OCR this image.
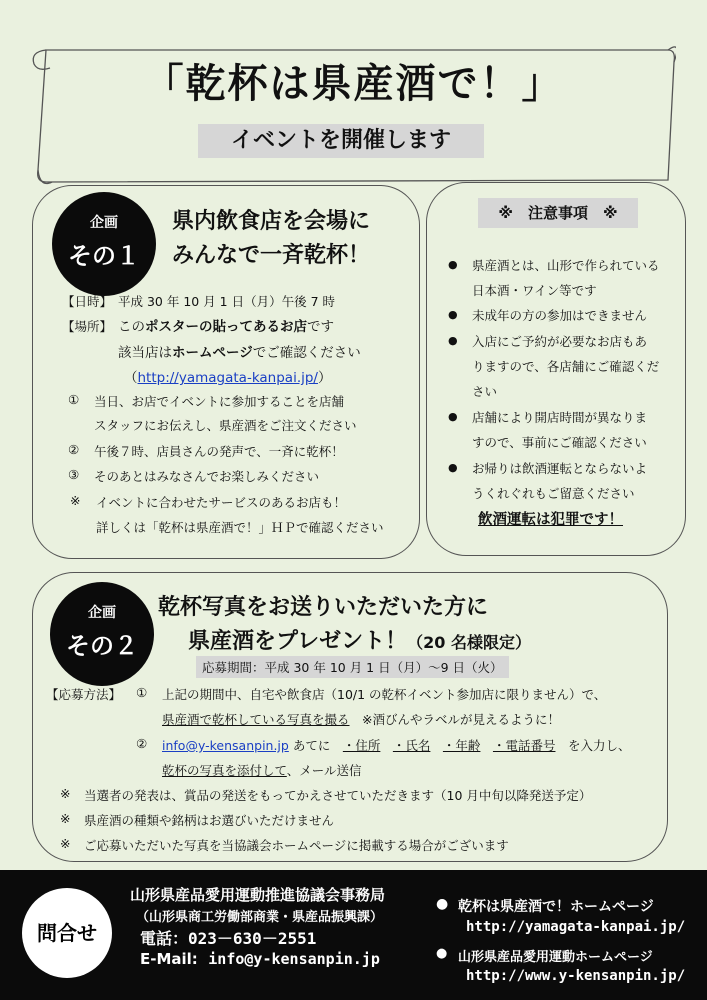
「乾杯は県産酒で！」
イベントを開催します
企画
その１
県内飲食店を会場に
みんなで一斉乾杯！
【日時】 平成 30 年 10 月 1 日（月）午後 7 時
【場所】 このポスターの貼ってあるお店です
該当店はホームページでご確認ください
（http://yamagata-kanpai.jp/）
① 当日、お店でイベントに参加することを店舗
スタッフにお伝えし、県産酒をご注文ください
② 午後７時、店員さんの発声で、一斉に乾杯！
③ そのあとはみなさんでお楽しみください
※ イベントに合わせたサービスのあるお店も！
詳しくは「乾杯は県産酒で！」ＨＰで確認ください
※　注意事項　※
● 県産酒とは、山形で作られている
日本酒・ワイン等です
● 未成年の方の参加はできません
● 入店にご予約が必要なお店もあ
りますので、各店舗にご確認くだ
さい
● 店舗により開店時間が異なりま
すので、事前にご確認ください
● お帰りは飲酒運転とならないよ
うくれぐれもご留意ください
飲酒運転は犯罪です！
企画
その２
乾杯写真をお送りいただいた方に
県産酒をプレゼント！（20 名様限定）
応募期間：平成 30 年 10 月 1 日（月）～9 日（火）
【応募方法】 ① 上記の期間中、自宅や飲食店（10/1 の乾杯イベント参加店に限りません）で、
県産酒で乾杯している写真を撮る　 ※酒びんやラベルが見えるように！
② info@y-kensanpin.jp あてに　 ・住所　 ・氏名　 ・年齢　 ・電話番号　 を入力し、
乾杯の写真を添付して、メール送信
※ 当選者の発表は、賞品の発送をもってかえさせていただきます（10 月中旬以降発送予定）
※ 県産酒の種類や銘柄はお選びいただけません
※ ご応募いただいた写真を当協議会ホームページに掲載する場合がございます
問合せ
山形県産品愛用運動推進協議会事務局
（山形県商工労働部商業・県産品振興課）
電話：023－630－2551
E-Mail: info@y-kensanpin.jp
● 乾杯は県産酒で！ホームページ
http://yamagata-kanpai.jp/
● 山形県産品愛用運動ホームページ
http://www.y-kensanpin.jp/
